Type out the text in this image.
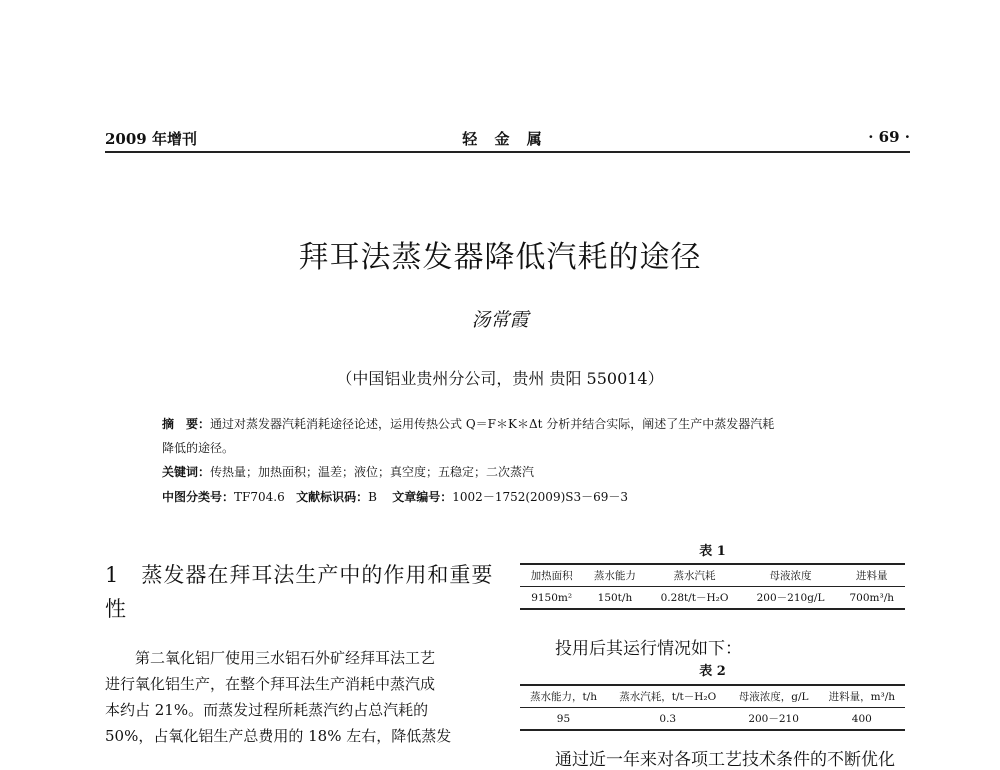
2009 年增刊	轻 金 属	· 69 ·
拜耳法蒸发器降低汽耗的途径
汤常霞
（中国铝业贵州分公司，贵州 贵阳 550014）
摘　要：通过对蒸发器汽耗消耗途径论述，运用传热公式 Q＝F＊K＊Δt 分析并结合实际，阐述了生产中蒸发器汽耗
降低的途径。
关键词：传热量；加热面积；温差；液位；真空度；五稳定；二次蒸汽
中图分类号：TF704.6 文献标识码：B 文章编号：1002－1752(2009)S3－69－3
1　蒸发器在拜耳法生产中的作用和重要性
第二氧化铝厂使用三水铝石外矿经拜耳法工艺
进行氧化铝生产，在整个拜耳法生产消耗中蒸汽成
本约占 21%。而蒸发过程所耗蒸汽约占总汽耗的
50%，占氧化铝生产总费用的 18% 左右，降低蒸发
表 1
加热面积	蒸水能力	蒸水汽耗	母液浓度	进料量
9150m²	150t/h	0.28t/t－H₂O	200－210g/L	700m³/h
投用后其运行情况如下：
表 2
蒸水能力，t/h	蒸水汽耗，t/t－H₂O	母液浓度，g/L	进料量，m³/h
95	0.3	200－210	400
通过近一年来对各项工艺技术条件的不断优化
